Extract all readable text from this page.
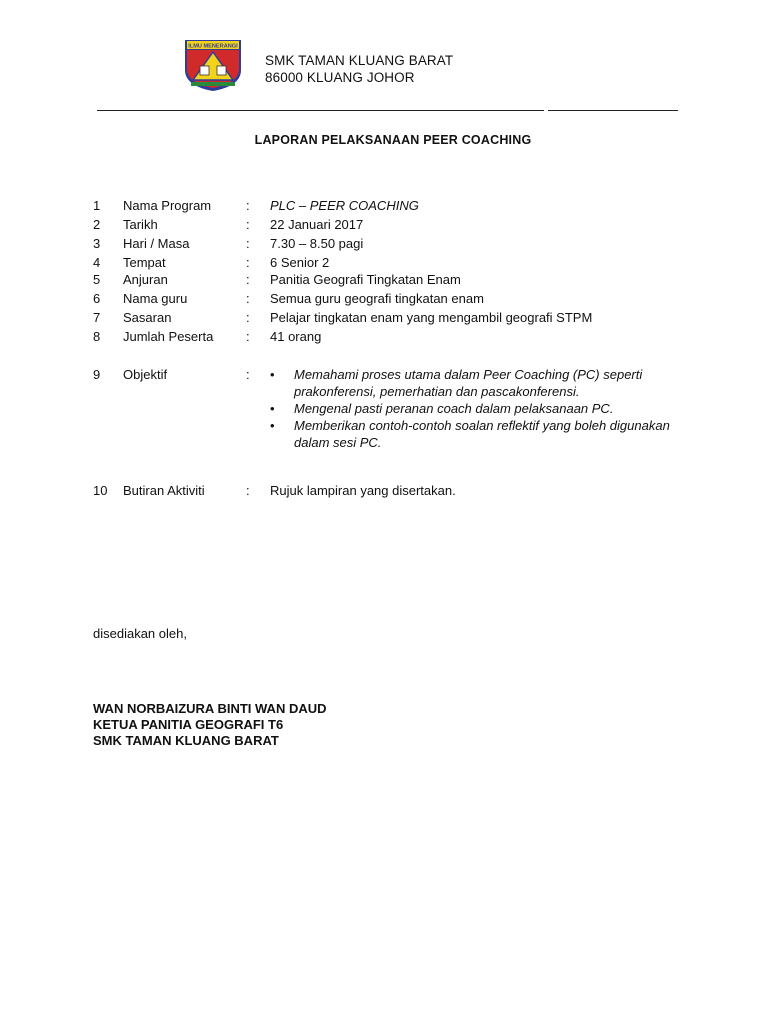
ILMU MENERANGI
SMK TAMAN KLUANG BARAT
86000 KLUANG JOHOR
LAPORAN PELAKSANAAN PEER COACHING
1 Nama Program	: PLC – PEER COACHING
2 Tarikh	: 22 Januari 2017
3 Hari / Masa	: 7.30 – 8.50 pagi
4 Tempat	: 6 Senior 2
5 Anjuran	: Panitia Geografi Tingkatan Enam
6 Nama guru	: Semua guru geografi tingkatan enam
7 Sasaran	: Pelajar tingkatan enam yang mengambil geografi STPM
8 Jumlah Peserta	: 41 orang
9 Objektif	: • Memahami proses utama dalam Peer Coaching (PC) seperti prakonferensi, pemerhatian dan pascakonferensi.
• Mengenal pasti peranan coach dalam pelaksanaan PC.
• Memberikan contoh-contoh soalan reflektif yang boleh digunakan dalam sesi PC.
10 Butiran Aktiviti	: Rujuk lampiran yang disertakan.
disediakan oleh,
WAN NORBAIZURA BINTI WAN DAUD
KETUA PANITIA GEOGRAFI T6
SMK TAMAN KLUANG BARAT
